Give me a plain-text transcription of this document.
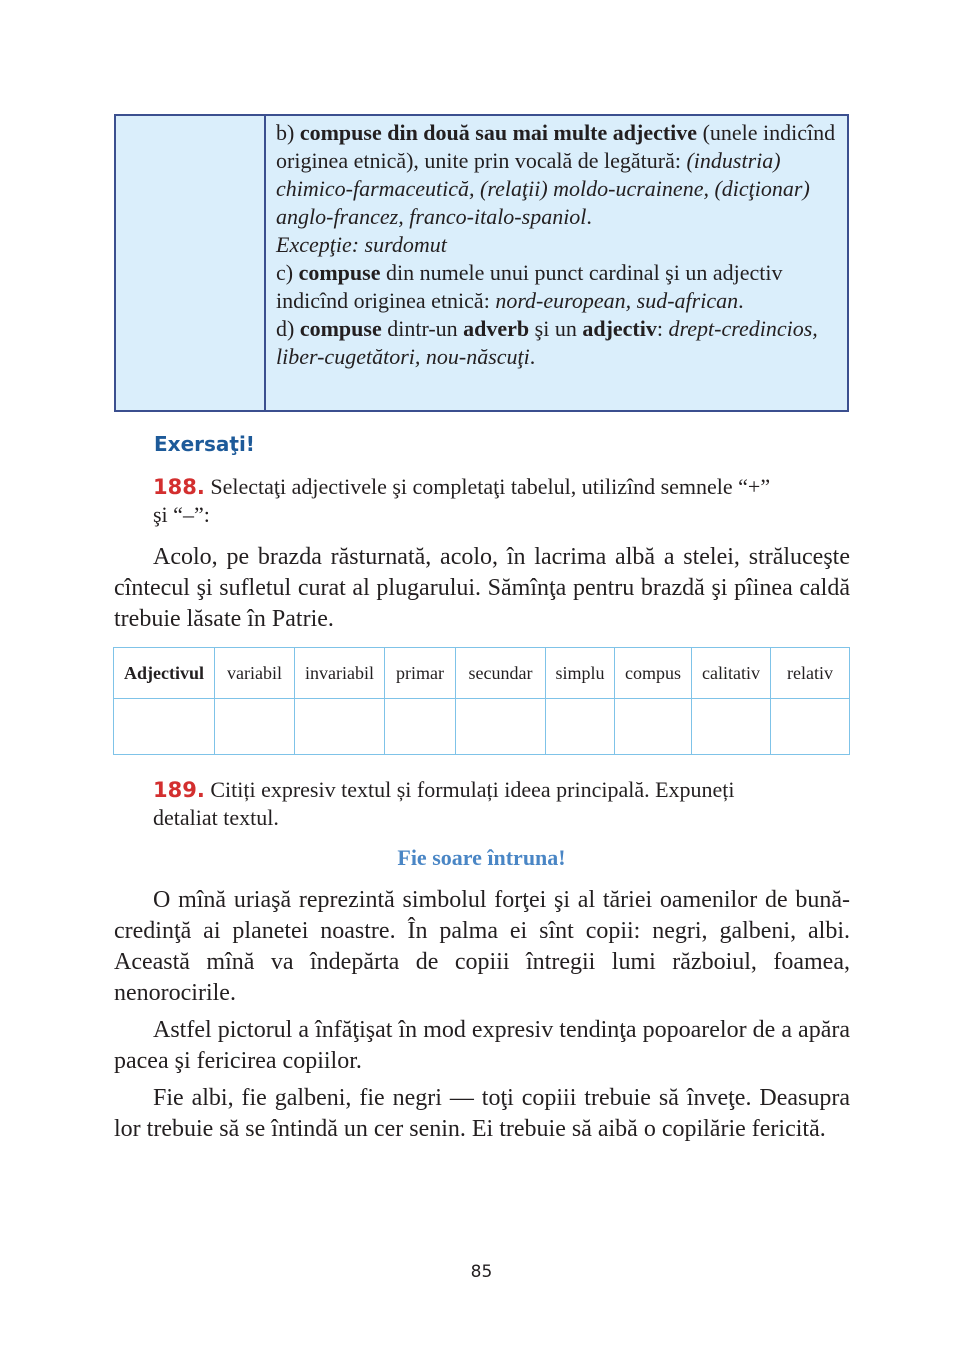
b) compuse din două sau mai multe adjective (unele indicînd originea etnică), unite prin vocală de legătură: (industria) chimico-farmaceutică, (relaţii) moldo-ucrainene, (dicţionar) anglo-francez, franco-italo-spaniol.

Excepţie: surdomut

c) compuse din numele unui punct cardinal şi un adjectiv indicînd originea etnică: nord-european, sud-african.

d) compuse dintr-un adverb şi un adjectiv: drept-credincios, liber-cugetători, nou-născuţi.

Exersaţi!
188. Selectaţi adjectivele şi completaţi tabelul, utilizînd semnele “+”
şi “–”:

Acolo, pe brazda răsturnată, acolo, în lacrima albă a stelei, străluceşte cîntecul şi sufletul curat al plugarului. Sămînţa pentru brazdă şi pîinea caldă trebuie lăsate în Patrie.

Adjectivul	variabil	invariabil	primar	secundar	simplu	compus	calitativ	relativ

189. Citiți expresiv textul și formulați ideea principală. Expuneți
detaliat textul.
Fie soare întruna!

O mînă uriaşă reprezintă simbolul forţei şi al tăriei oamenilor de bună-credinţă ai planetei noastre. În palma ei sînt copii: negri, galbeni, albi. Această mînă va îndepărta de copiii întregii lumi războiul, foamea, nenorocirile.

Astfel pictorul a înfăţişat în mod expresiv tendinţa popoarelor de a apăra pacea şi fericirea copiilor.

Fie albi, fie galbeni, fie negri — toţi copiii trebuie să înveţe. Deasupra lor trebuie să se întindă un cer senin. Ei trebuie să aibă o copilărie fericită.

85
